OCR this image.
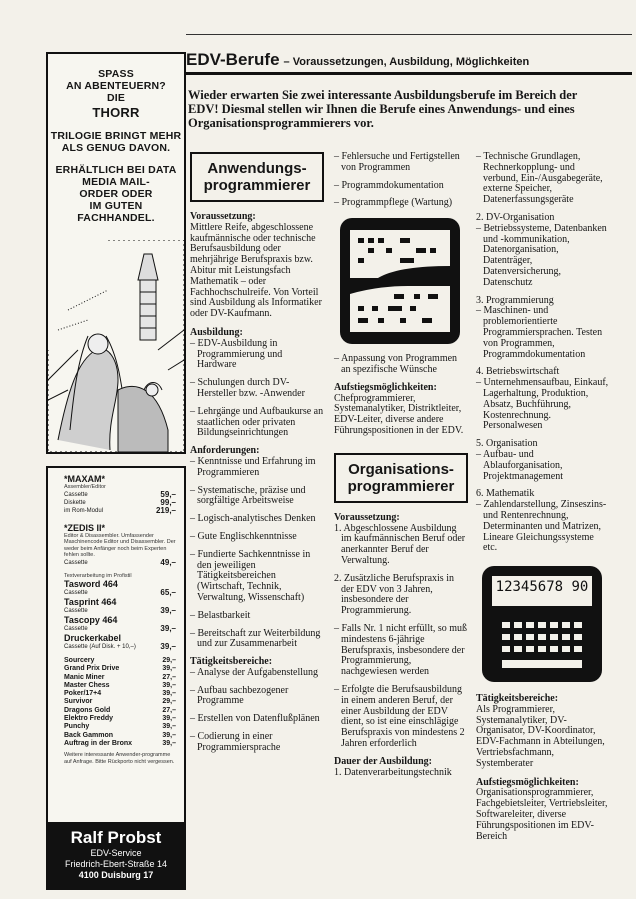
SPASS
AN ABENTEUERN?
DIE
THORR
TRILOGIE BRINGT MEHR
ALS GENUG DAVON.
ERHÄLTLICH BEI DATA
MEDIA MAIL-
ORDER ODER
IM GUTEN
FACHHANDEL.
*MAXAM*
Assembler/Editor
Cassette	59,–
Diskette	99,–
im Rom-Modul	219,–
*ZEDIS II*
Editor & Disassembler. Umfassender Maschinencode Editor und Disassembler. Der weder beim Anfänger noch beim Experten fehlen sollte.
Cassette	49,–
Textverarbeitung im Profistil
Tasword 464
Cassette	65,–
Tasprint 464
Cassette	39,–
Tascopy 464
Cassette	39,–
Druckerkabel
Cassette (Auf Disk. + 10,–)	39,–
Sourcery	29,–
Grand Prix Drive	39,–
Manic Miner	27,–
Master Chess	39,–
Poker/17+4	39,–
Survivor	29,–
Dragons Gold	27,–
Elektro Freddy	39,–
Punchy	39,–
Back Gammon	39,–
Auftrag in der Bronx	39,–
Weitere interessante Anwender-programme auf Anfrage. Bitte Rückporto nicht vergessen.
Ralf Probst
EDV-Service
Friedrich-Ebert-Straße 14
4100 Duisburg 17
EDV-Berufe – Voraussetzungen, Ausbildung, Möglichkeiten
Wieder erwarten Sie zwei interessante Ausbildungsberufe im Bereich der EDV! Diesmal stellen wir Ihnen die Berufe eines Anwendungs- und eines Organisationsprogrammierers vor.
Anwendungs-programmierer
Voraussetzung:
Mittlere Reife, abgeschlossene kaufmännische oder technische Berufsausbildung oder mehrjährige Berufspraxis bzw. Abitur mit Leistungsfach Mathematik – oder Fachhochschulreife. Von Vorteil sind Ausbildung als Informatiker oder DV-Kaufmann.
Ausbildung:
– EDV-Ausbildung in Programmierung und Hardware
– Schulungen durch DV-Hersteller bzw. -Anwender
– Lehrgänge und Aufbaukurse an staatlichen oder privaten Bildungseinrichtungen
Anforderungen:
– Kenntnisse und Erfahrung im Programmieren
– Systematische, präzise und sorgfältige Arbeitsweise
– Logisch-analytisches Denken
– Gute Englischkenntnisse
– Fundierte Sachkenntnisse in den jeweiligen Tätigkeitsbereichen (Wirtschaft, Technik, Verwaltung, Wissenschaft)
– Belastbarkeit
– Bereitschaft zur Weiterbildung und zur Zusammenarbeit
Tätigkeitsbereiche:
– Analyse der Aufgabenstellung
– Aufbau sachbezogener Programme
– Erstellen von Datenflußplänen
– Codierung in einer Programmiersprache
– Fehlersuche und Fertigstellen von Programmen
– Programmdokumentation
– Programmpflege (Wartung)
– Anpassung von Programmen an spezifische Wünsche
Aufstiegsmöglichkeiten:
Chefprogrammierer, Systemanalytiker, Distriktleiter, EDV-Leiter, diverse andere Führungspositionen in der EDV.
Organisations-programmierer
Voraussetzung:
1. Abgeschlossene Ausbildung im kaufmännischen Beruf oder anerkannter Beruf der Verwaltung.
2. Zusätzliche Berufspraxis in der EDV von 3 Jahren, insbesondere der Programmierung.
– Falls Nr. 1 nicht erfüllt, so muß mindestens 6-jährige Berufspraxis, insbesondere der Programmierung, nachgewiesen werden
– Erfolgte die Berufsausbildung in einem anderen Beruf, der einer Ausbildung der EDV dient, so ist eine einschlägige Berufspraxis von mindestens 2 Jahren erforderlich
Dauer der Ausbildung:
1. Datenverarbeitungstechnik
– Technische Grundlagen, Rechnerkopplung- und verbund, Ein-/Ausgabegeräte, externe Speicher, Datenerfassungsgeräte
2. DV-Organisation
– Betriebssysteme, Datenbanken und -kommunikation, Datenorganisation, Datenträger, Datenversicherung, Datenschutz
3. Programmierung
– Maschinen- und problemorientierte Programmiersprachen. Testen von Programmen, Programmdokumentation
4. Betriebswirtschaft
– Unternehmensaufbau, Einkauf, Lagerhaltung, Produktion, Absatz, Buchführung, Kostenrechnung. Personalwesen
5. Organisation
– Aufbau- und Ablauforganisation, Projektmanagement
6. Mathematik
– Zahlendarstellung, Zinseszins- und Rentenrechnung, Determinanten und Matrizen, Lineare Gleichungssysteme etc.
12345678 90
Tätigkeitsbereiche:
Als Programmierer, Systemanalytiker, DV-Organisator, DV-Koordinator, EDV-Fachmann in Abteilungen, Vertriebsfachmann, Systemberater
Aufstiegsmöglichkeiten:
Organisationsprogrammierer, Fachgebietsleiter, Vertriebsleiter, Softwareleiter, diverse Führungspositionen im EDV-Bereich
